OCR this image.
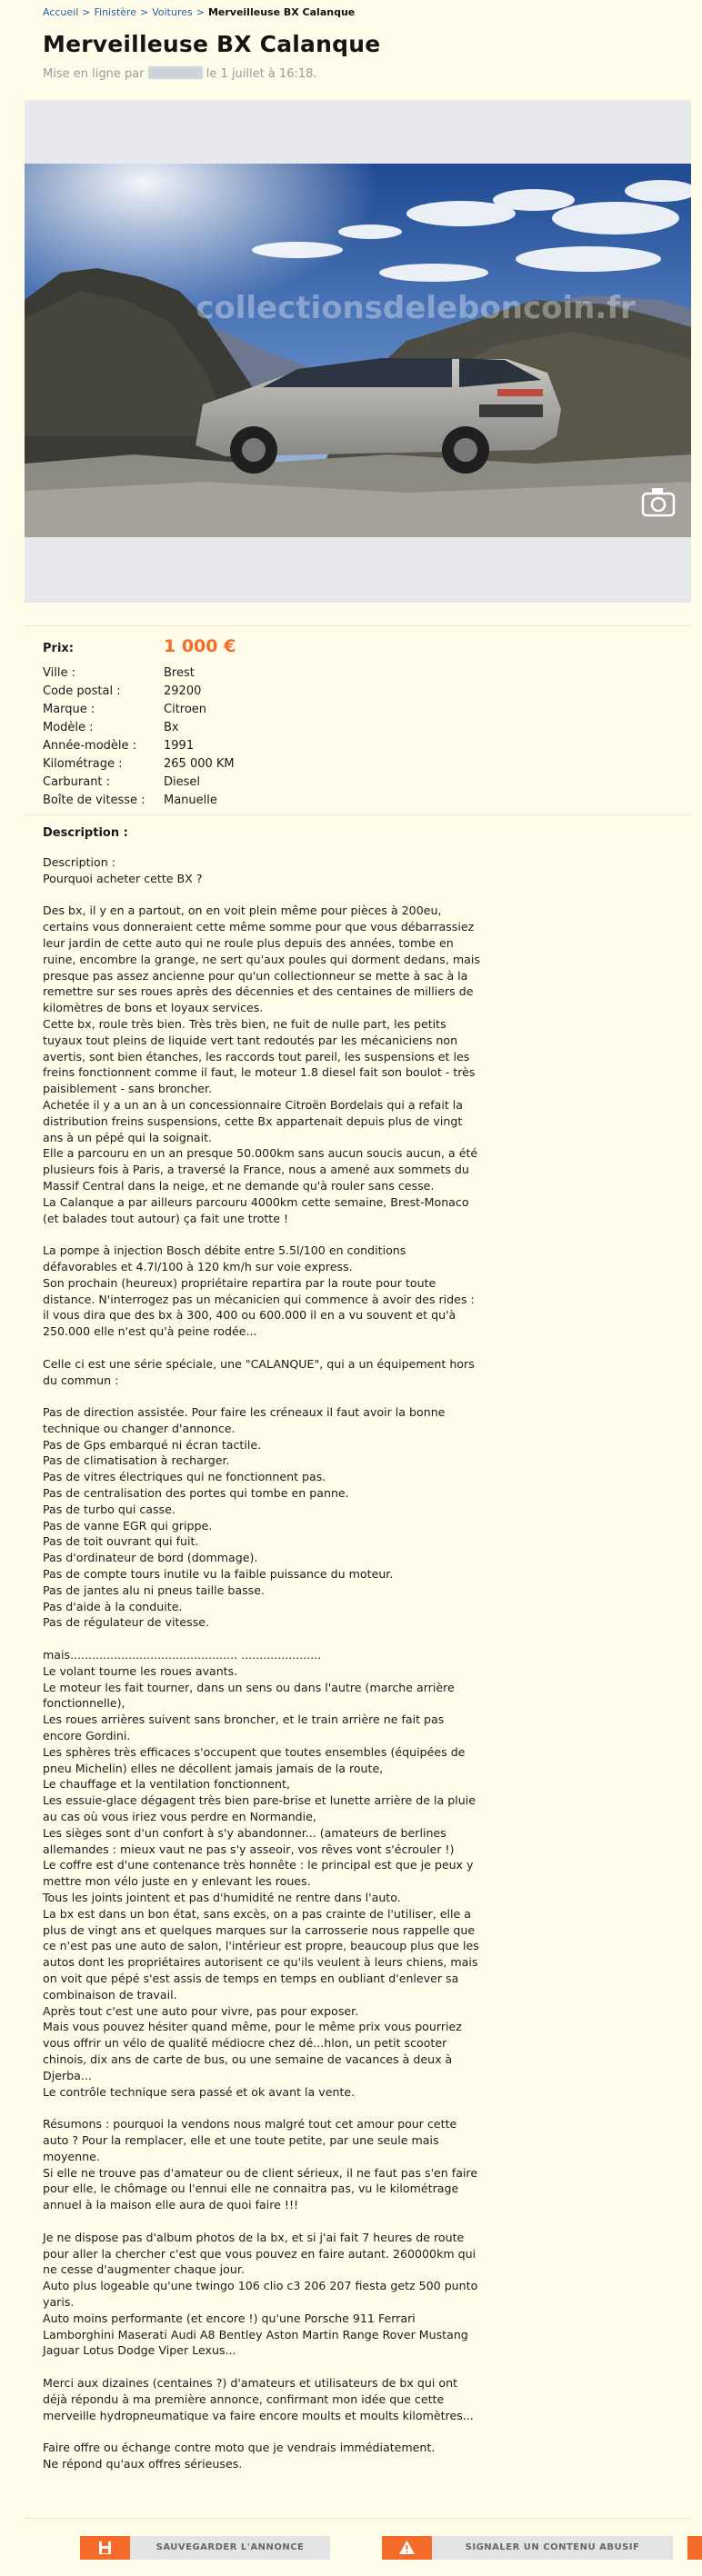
Accueil > Finistère > Voitures > Merveilleuse BX Calanque
Merveilleuse BX Calanque
Mise en ligne par	le 1 juillet à 16:18.
collectionsdeleboncoin.fr
Prix:	1 000 €
Ville :	Brest
Code postal :	29200
Marque :	Citroen
Modèle :	Bx
Année-modèle : 1991
Kilométrage :	265 000 KM
Carburant :	Diesel
Boîte de vitesse : Manuelle
Description :
Description :
Pourquoi acheter cette BX ?

Des bx, il y en a partout, on en voit plein même pour pièces à 200eu, certains vous donneraient cette même somme pour que vous débarrassiez leur jardin de cette auto qui ne roule plus depuis des années, tombe en ruine, encombre la grange, ne sert qu'aux poules qui dorment dedans, mais presque pas assez ancienne pour qu'un collectionneur se mette à sac à la remettre sur ses roues après des décennies et des centaines de milliers de kilomètres de bons et loyaux services.
Cette bx, roule très bien. Très très bien, ne fuit de nulle part, les petits tuyaux tout pleins de liquide vert tant redoutés par les mécaniciens non avertis, sont bien étanches, les raccords tout pareil, les suspensions et les freins fonctionnent comme il faut, le moteur 1.8 diesel fait son boulot - très paisiblement - sans broncher.
Achetée il y a un an à un concessionnaire Citroën Bordelais qui a refait la distribution freins suspensions, cette Bx appartenait depuis plus de vingt ans à un pépé qui la soignait.
Elle a parcouru en un an presque 50.000km sans aucun soucis aucun, a été plusieurs fois à Paris, a traversé la France, nous a amené aux sommets du Massif Central dans la neige, et ne demande qu'à rouler sans cesse.
La Calanque a par ailleurs parcouru 4000km cette semaine, Brest-Monaco (et balades tout autour) ça fait une trotte !

La pompe à injection Bosch débite entre 5.5l/100 en conditions défavorables et 4.7l/100 à 120 km/h sur voie express.
Son prochain (heureux) propriétaire repartira par la route pour toute distance. N'interrogez pas un mécanicien qui commence à avoir des rides : il vous dira que des bx à 300, 400 ou 600.000 il en a vu souvent et qu'à 250.000 elle n'est qu'à peine rodée...

Celle ci est une série spéciale, une "CALANQUE", qui a un équipement hors du commun :

Pas de direction assistée. Pour faire les créneaux il faut avoir la bonne technique ou changer d'annonce.
Pas de Gps embarqué ni écran tactile.
Pas de climatisation à recharger.
Pas de vitres électriques qui ne fonctionnent pas.
Pas de centralisation des portes qui tombe en panne.
Pas de turbo qui casse.
Pas de vanne EGR qui grippe.
Pas de toit ouvrant qui fuit.
Pas d'ordinateur de bord (dommage).
Pas de compte tours inutile vu la faible puissance du moteur.
Pas de jantes alu ni pneus taille basse.
Pas d'aide à la conduite.
Pas de régulateur de vitesse.

mais.............................................. ......................
Le volant tourne les roues avants.
Le moteur les fait tourner, dans un sens ou dans l'autre (marche arrière fonctionnelle),
Les roues arrières suivent sans broncher, et le train arrière ne fait pas encore Gordini.
Les sphères très efficaces s'occupent que toutes ensembles (équipées de pneu Michelin) elles ne décollent jamais jamais de la route,
Le chauffage et la ventilation fonctionnent,
Les essuie-glace dégagent très bien pare-brise et lunette arrière de la pluie au cas où vous iriez vous perdre en Normandie,
Les sièges sont d'un confort à s'y abandonner... (amateurs de berlines allemandes : mieux vaut ne pas s'y asseoir, vos rêves vont s'écrouler !)
Le coffre est d'une contenance très honnête : le principal est que je peux y mettre mon vélo juste en y enlevant les roues.
Tous les joints jointent et pas d'humidité ne rentre dans l'auto.
La bx est dans un bon état, sans excès, on a pas crainte de l'utiliser, elle a plus de vingt ans et quelques marques sur la carrosserie nous rappelle que ce n'est pas une auto de salon, l'intérieur est propre, beaucoup plus que les autos dont les propriétaires autorisent ce qu'ils veulent à leurs chiens, mais on voit que pépé s'est assis de temps en temps en oubliant d'enlever sa combinaison de travail.
Après tout c'est une auto pour vivre, pas pour exposer.
Mais vous pouvez hésiter quand même, pour le même prix vous pourriez vous offrir un vélo de qualité médiocre chez dé...hlon, un petit scooter chinois, dix ans de carte de bus, ou une semaine de vacances à deux à Djerba...
Le contrôle technique sera passé et ok avant la vente.

Résumons : pourquoi la vendons nous malgré tout cet amour pour cette auto ? Pour la remplacer, elle et une toute petite, par une seule mais moyenne.
Si elle ne trouve pas d'amateur ou de client sérieux, il ne faut pas s'en faire pour elle, le chômage ou l'ennui elle ne connaitra pas, vu le kilométrage annuel à la maison elle aura de quoi faire !!!

Je ne dispose pas d'album photos de la bx, et si j'ai fait 7 heures de route pour aller la chercher c'est que vous pouvez en faire autant. 260000km qui ne cesse d'augmenter chaque jour.
Auto plus logeable qu'une twingo 106 clio c3 206 207 fiesta getz 500 punto yaris.
Auto moins performante (et encore !) qu'une Porsche 911 Ferrari Lamborghini Maserati Audi A8 Bentley Aston Martin Range Rover Mustang Jaguar Lotus Dodge Viper Lexus...

Merci aux dizaines (centaines ?) d'amateurs et utilisateurs de bx qui ont déjà répondu à ma première annonce, confirmant mon idée que cette merveille hydropneumatique va faire encore moults et moults kilomètres...

Faire offre ou échange contre moto que je vendrais immédiatement.
Ne répond qu'aux offres sérieuses.
SAUVEGARDER L'ANNONCE	SIGNALER UN CONTENU ABUSIF
